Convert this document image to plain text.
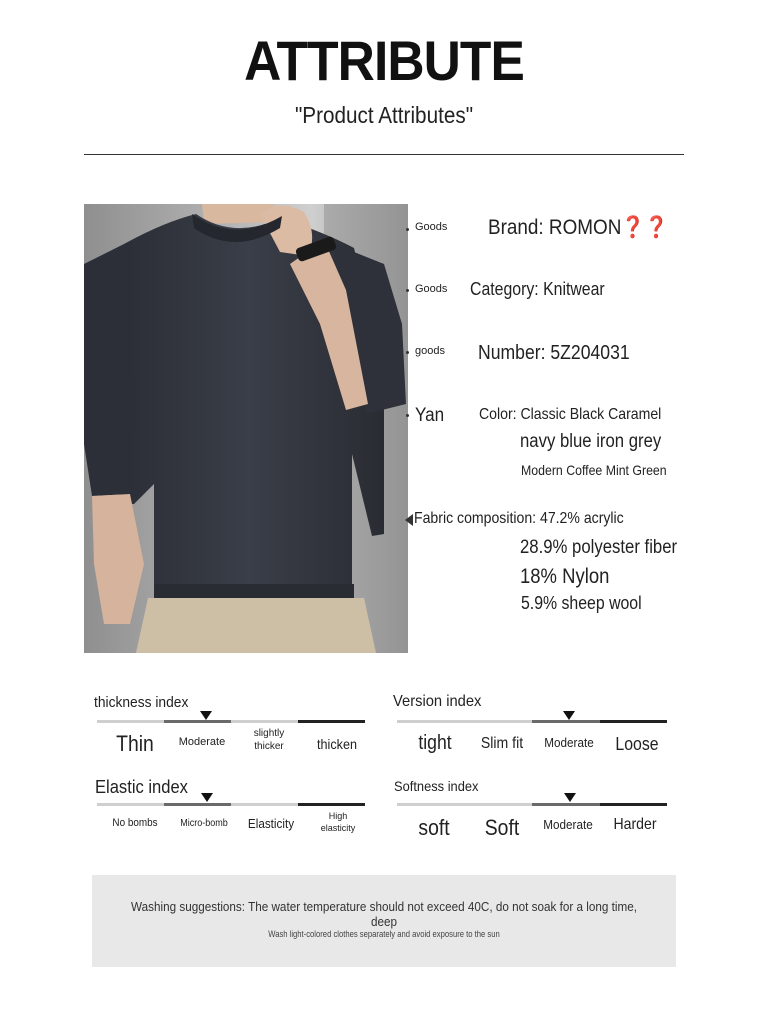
ATTRIBUTE
"Product Attributes"
Goods Brand: ROMON❓❓
Goods Category: Knitwear
goods Number: 5Z204031
Yan Color: Classic Black Caramel
navy blue iron grey
Modern Coffee Mint Green
Fabric composition: 47.2% acrylic
28.9% polyester fiber
18% Nylon
5.9% sheep wool
thickness index
Thin	Moderate
slightly thicker	thicken
Version index
tight	Slim fit	Moderate	Loose
Elastic index
No bombs	Micro-bomb	Elasticity	High elasticity
Softness index
soft	Soft	Moderate	Harder
Washing suggestions: The water temperature should not exceed 40C, do not soak for a long time, deep
Wash light-colored clothes separately and avoid exposure to the sun
